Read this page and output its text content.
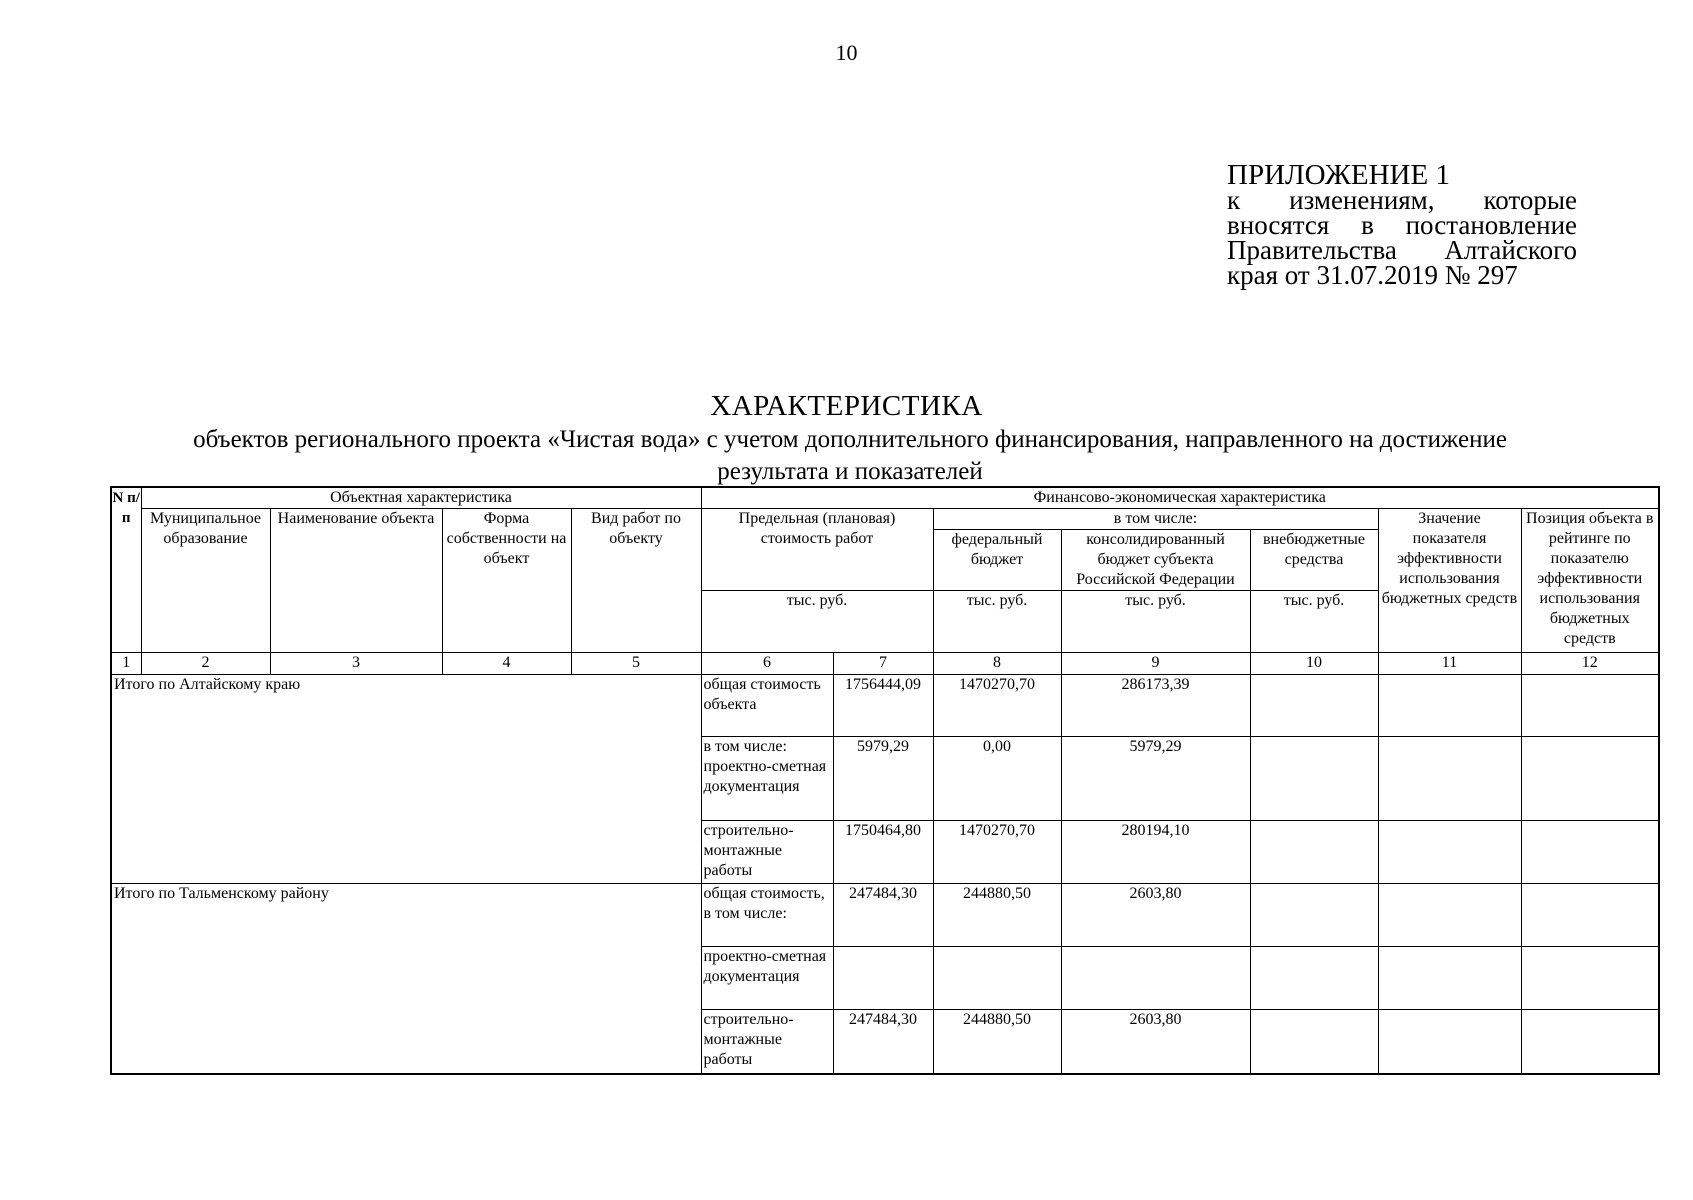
10
ПРИЛОЖЕНИЕ 1
к изменениям, которые
вносятся в постановление
Правительства Алтайского
края от 31.07.2019 № 297
ХАРАКТЕРИСТИКА
объектов регионального проекта «Чистая вода» с учетом дополнительного финансирования, направленного на достижение результата и показателей
N п/п	Объектная характеристика				Финансово-экономическая характеристика						
	Муниципальное образование	Наименование объекта	Форма собственности на объект	Вид работ по объекту	Предельная (плановая) стоимость работ		в том числе:			Значение показателя эффективности использования бюджетных средств	Позиция объекта в рейтинге по показателю эффективности использования бюджетных средств
							федеральный бюджет	консолидированный бюджет субъекта Российской Федерации	внебюджетные средства		
					тыс. руб.		тыс. руб.	тыс. руб.	тыс. руб.		
1	2	3	4	5	6	7	8	9	10	11	12
Итого по Алтайскому краю					общая стоимость объекта	1756444,09	1470270,70	286173,39			
					в том числе: проектно-сметная документация	5979,29	0,00	5979,29			
					строительно-монтажные работы	1750464,80	1470270,70	280194,10			
Итого по Тальменскому району					общая стоимость, в том числе:	247484,30	244880,50	2603,80			
					проектно-сметная документация						
					строительно-монтажные работы	247484,30	244880,50	2603,80			
